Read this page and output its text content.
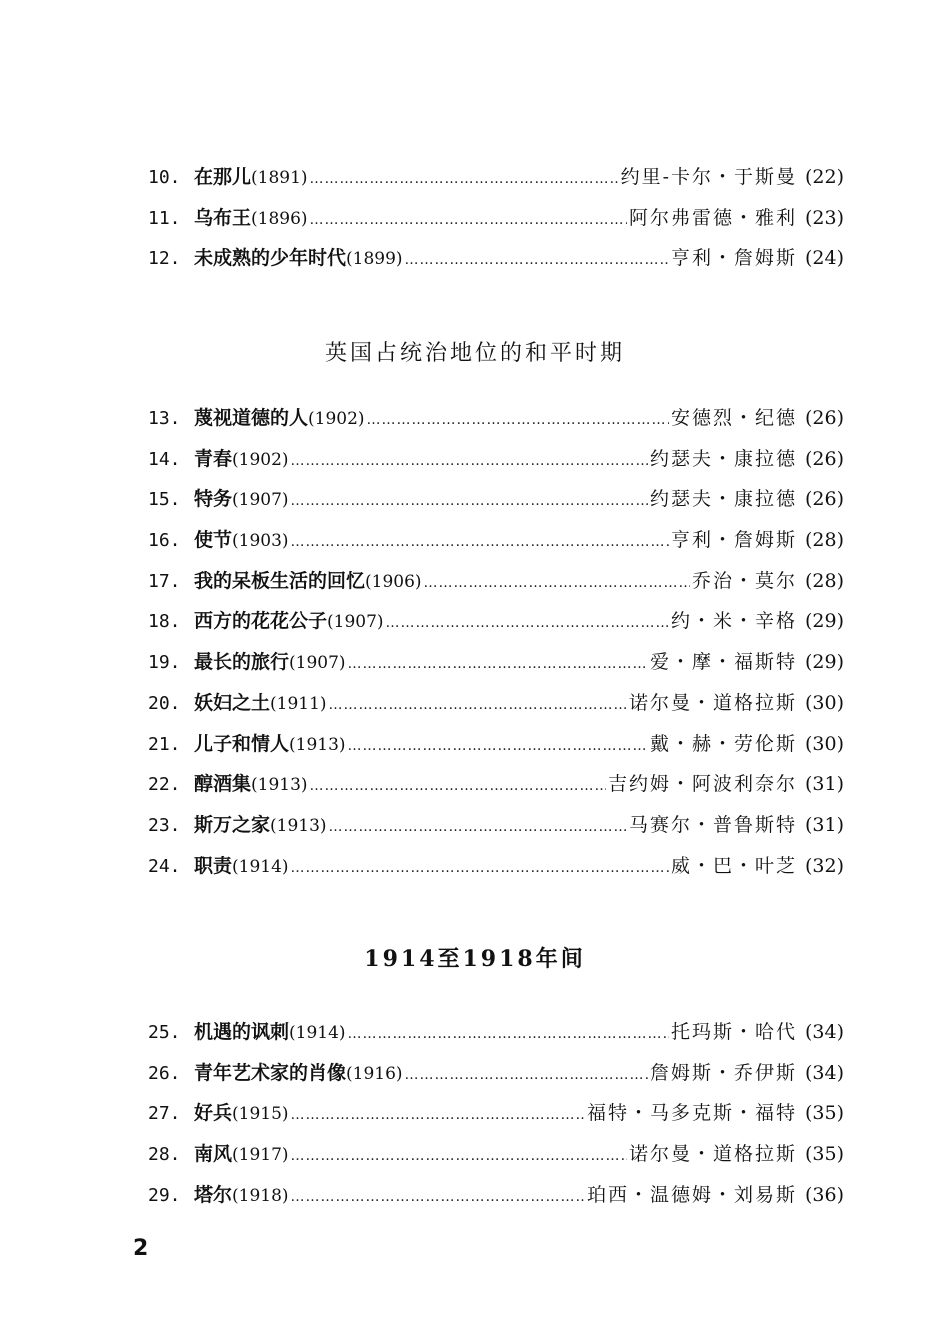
10. 在那儿 (1891) ……………………………………………………………………………………………………………………	约里-卡尔・于斯曼 (22)
11. 乌布王 (1896) ……………………………………………………………………………………………………………………	阿尔弗雷德・雅利 (23)
12. 未成熟的少年时代 (1899) ……………………………………………………………………………………………………………………	亨利・詹姆斯 (24)
英国占统治地位的和平时期
13. 蔑视道德的人 (1902) ……………………………………………………………………………………………………………………	安德烈・纪德 (26)
14. 青春 (1902) ……………………………………………………………………………………………………………………	约瑟夫・康拉德 (26)
15. 特务 (1907) ……………………………………………………………………………………………………………………	约瑟夫・康拉德 (26)
16. 使节 (1903) ……………………………………………………………………………………………………………………	亨利・詹姆斯 (28)
17. 我的呆板生活的回忆 (1906) ……………………………………………………………………………………………………………………	乔治・莫尔 (28)
18. 西方的花花公子 (1907) ……………………………………………………………………………………………………………………	约・米・辛格 (29)
19. 最长的旅行 (1907) ……………………………………………………………………………………………………………………	爱・摩・福斯特 (29)
20. 妖妇之土 (1911) ……………………………………………………………………………………………………………………	诺尔曼・道格拉斯 (30)
21. 儿子和情人 (1913) ……………………………………………………………………………………………………………………	戴・赫・劳伦斯 (30)
22. 醇酒集 (1913) ……………………………………………………………………………………………………………………	吉约姆・阿波利奈尔 (31)
23. 斯万之家 (1913) ……………………………………………………………………………………………………………………	马赛尔・普鲁斯特 (31)
24. 职责 (1914) ……………………………………………………………………………………………………………………	威・巴・叶芝 (32)
1914至1918年间
25. 机遇的讽刺 (1914) ……………………………………………………………………………………………………………………	托玛斯・哈代 (34)
26. 青年艺术家的肖像 (1916) ……………………………………………………………………………………………………………………	詹姆斯・乔伊斯 (34)
27. 好兵 (1915) ……………………………………………………………………………………………………………………	福特・马多克斯・福特 (35)
28. 南风 (1917) ……………………………………………………………………………………………………………………	诺尔曼・道格拉斯 (35)
29. 塔尔 (1918) ……………………………………………………………………………………………………………………	珀西・温德姆・刘易斯 (36)
2
